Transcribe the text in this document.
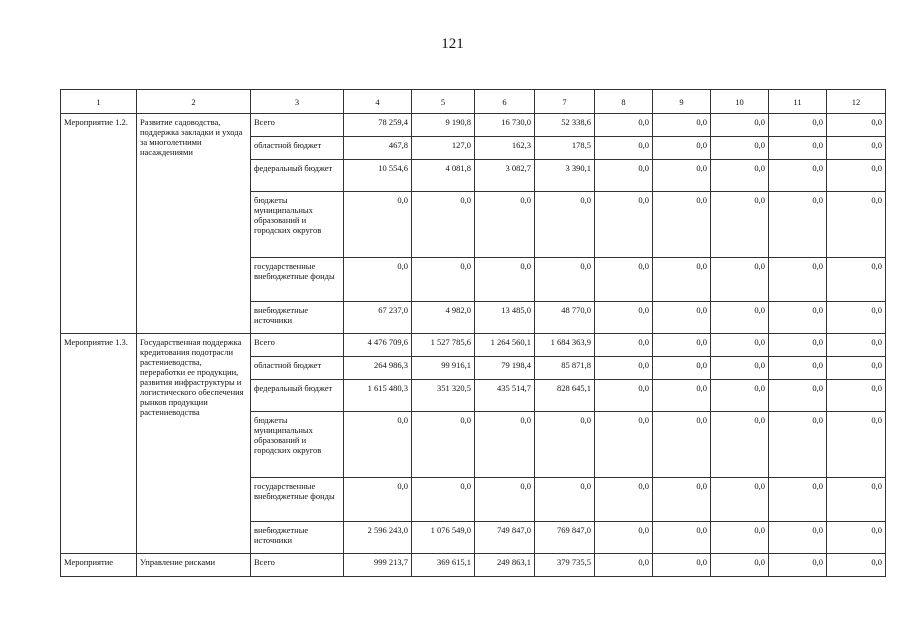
121
1	2	3	4	5	6	7	8	9	10	11	12
Мероприятие 1.2.	Развитие садоводства, поддержка закладки и ухода за многолетними насаждениями	Всего	78 259,4	9 190,8	16 730,0	52 338,6	0,0	0,0	0,0	0,0	0,0
		областной бюджет	467,8	127,0	162,3	178,5	0,0	0,0	0,0	0,0	0,0
		федеральный бюджет	10 554,6	4 081,8	3 082,7	3 390,1	0,0	0,0	0,0	0,0	0,0
		бюджеты муниципальных образований и городских округов	0,0	0,0	0,0	0,0	0,0	0,0	0,0	0,0	0,0
		государственные внебюджетные фонды	0,0	0,0	0,0	0,0	0,0	0,0	0,0	0,0	0,0
		внебюджетные источники	67 237,0	4 982,0	13 485,0	48 770,0	0,0	0,0	0,0	0,0	0,0
Мероприятие 1.3.	Государственная поддержка кредитования подотрасли растениеводства, переработки ее продукции, развития инфраструктуры и логистического обеспечения рынков продукции растениеводства	Всего	4 476 709,6	1 527 785,6	1 264 560,1	1 684 363,9	0,0	0,0	0,0	0,0	0,0
		областной бюджет	264 986,3	99 916,1	79 198,4	85 871,8	0,0	0,0	0,0	0,0	0,0
		федеральный бюджет	1 615 480,3	351 320,5	435 514,7	828 645,1	0,0	0,0	0,0	0,0	0,0
		бюджеты муниципальных образований и городских округов	0,0	0,0	0,0	0,0	0,0	0,0	0,0	0,0	0,0
		государственные внебюджетные фонды	0,0	0,0	0,0	0,0	0,0	0,0	0,0	0,0	0,0
		внебюджетные источники	2 596 243,0	1 076 549,0	749 847,0	769 847,0	0,0	0,0	0,0	0,0	0,0
Мероприятие	Управление рисками	Всего	999 213,7	369 615,1	249 863,1	379 735,5	0,0	0,0	0,0	0,0	0,0
